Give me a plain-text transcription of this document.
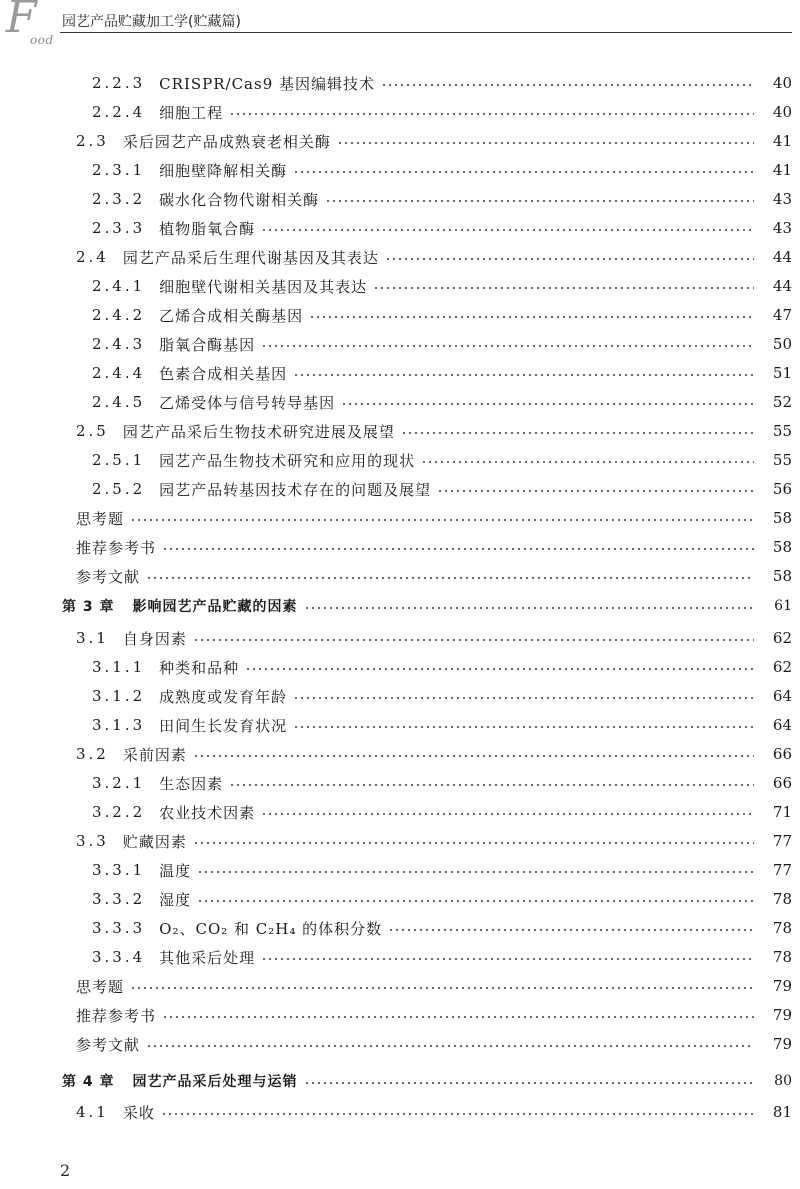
F
ood
园艺产品贮藏加工学(贮藏篇)
2.2.3 CRISPR/Cas9 基因编辑技术	40
2.2.4 细胞工程	40
2.3 采后园艺产品成熟衰老相关酶	41
2.3.1 细胞壁降解相关酶	41
2.3.2 碳水化合物代谢相关酶	43
2.3.3 植物脂氧合酶	43
2.4 园艺产品采后生理代谢基因及其表达	44
2.4.1 细胞壁代谢相关基因及其表达	44
2.4.2 乙烯合成相关酶基因	47
2.4.3 脂氧合酶基因	50
2.4.4 色素合成相关基因	51
2.4.5 乙烯受体与信号转导基因	52
2.5 园艺产品采后生物技术研究进展及展望	55
2.5.1 园艺产品生物技术研究和应用的现状	55
2.5.2 园艺产品转基因技术存在的问题及展望	56
思考题	58
推荐参考书	58
参考文献	58
第 3 章 影响园艺产品贮藏的因素	61
3.1 自身因素	62
3.1.1 种类和品种	62
3.1.2 成熟度或发育年龄	64
3.1.3 田间生长发育状况	64
3.2 采前因素	66
3.2.1 生态因素	66
3.2.2 农业技术因素	71
3.3 贮藏因素	77
3.3.1 温度	77
3.3.2 湿度	78
3.3.3 O₂、CO₂ 和 C₂H₄ 的体积分数	78
3.3.4 其他采后处理	78
思考题	79
推荐参考书	79
参考文献	79
第 4 章 园艺产品采后处理与运销	80
4.1 采收	81
2
